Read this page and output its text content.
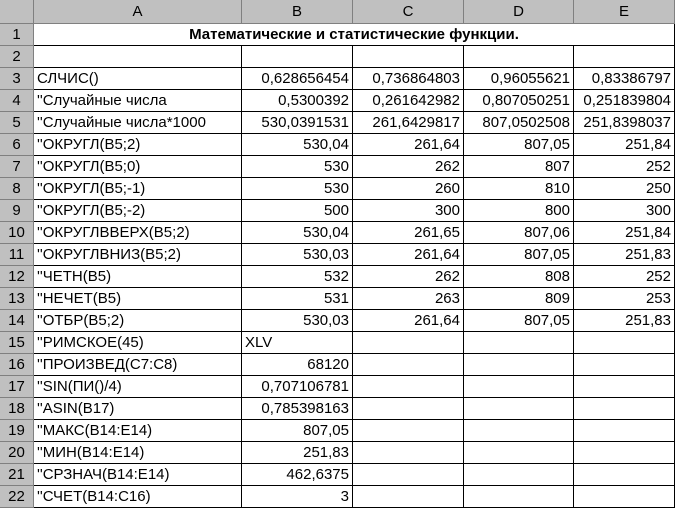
A	B	C	D	E
1
2
3
4
5
6
7
8
9
10
11
12
13
14
15
16
17
18
19
20
21
22
Математические и статистические функции.
СЛЧИС()	0,628656454	0,736864803	0,96055621	0,83386797
''Случайные числа	0,5300392	0,261642982	0,807050251 0,251839804
''Случайные числа*1000	530,0391531	261,6429817	807,0502508 251,8398037
''ОКРУГЛ(B5;2)	530,04	261,64	807,05	251,84
''ОКРУГЛ(B5;0)	530	262	807	252
''ОКРУГЛ(B5;-1)	530	260	810	250
''ОКРУГЛ(B5;-2)	500	300	800	300
''ОКРУГЛВВЕРХ(B5;2)	530,04	261,65	807,06	251,84
''ОКРУГЛВНИЗ(B5;2)	530,03	261,64	807,05	251,83
''ЧЕТН(B5)	532	262	808	252
''НЕЧЕТ(B5)	531	263	809	253
''ОТБР(B5;2)	530,03	261,64	807,05	251,83
''РИМСКОЕ(45)	XLV
''ПРОИЗВЕД(C7:C8)	68120
''SIN(ПИ()/4)	0,707106781
''ASIN(B17)	0,785398163
''МАКС(B14:E14)	807,05
''МИН(B14:E14)	251,83
''СРЗНАЧ(B14:E14)	462,6375
''СЧЕТ(B14:C16)	3
